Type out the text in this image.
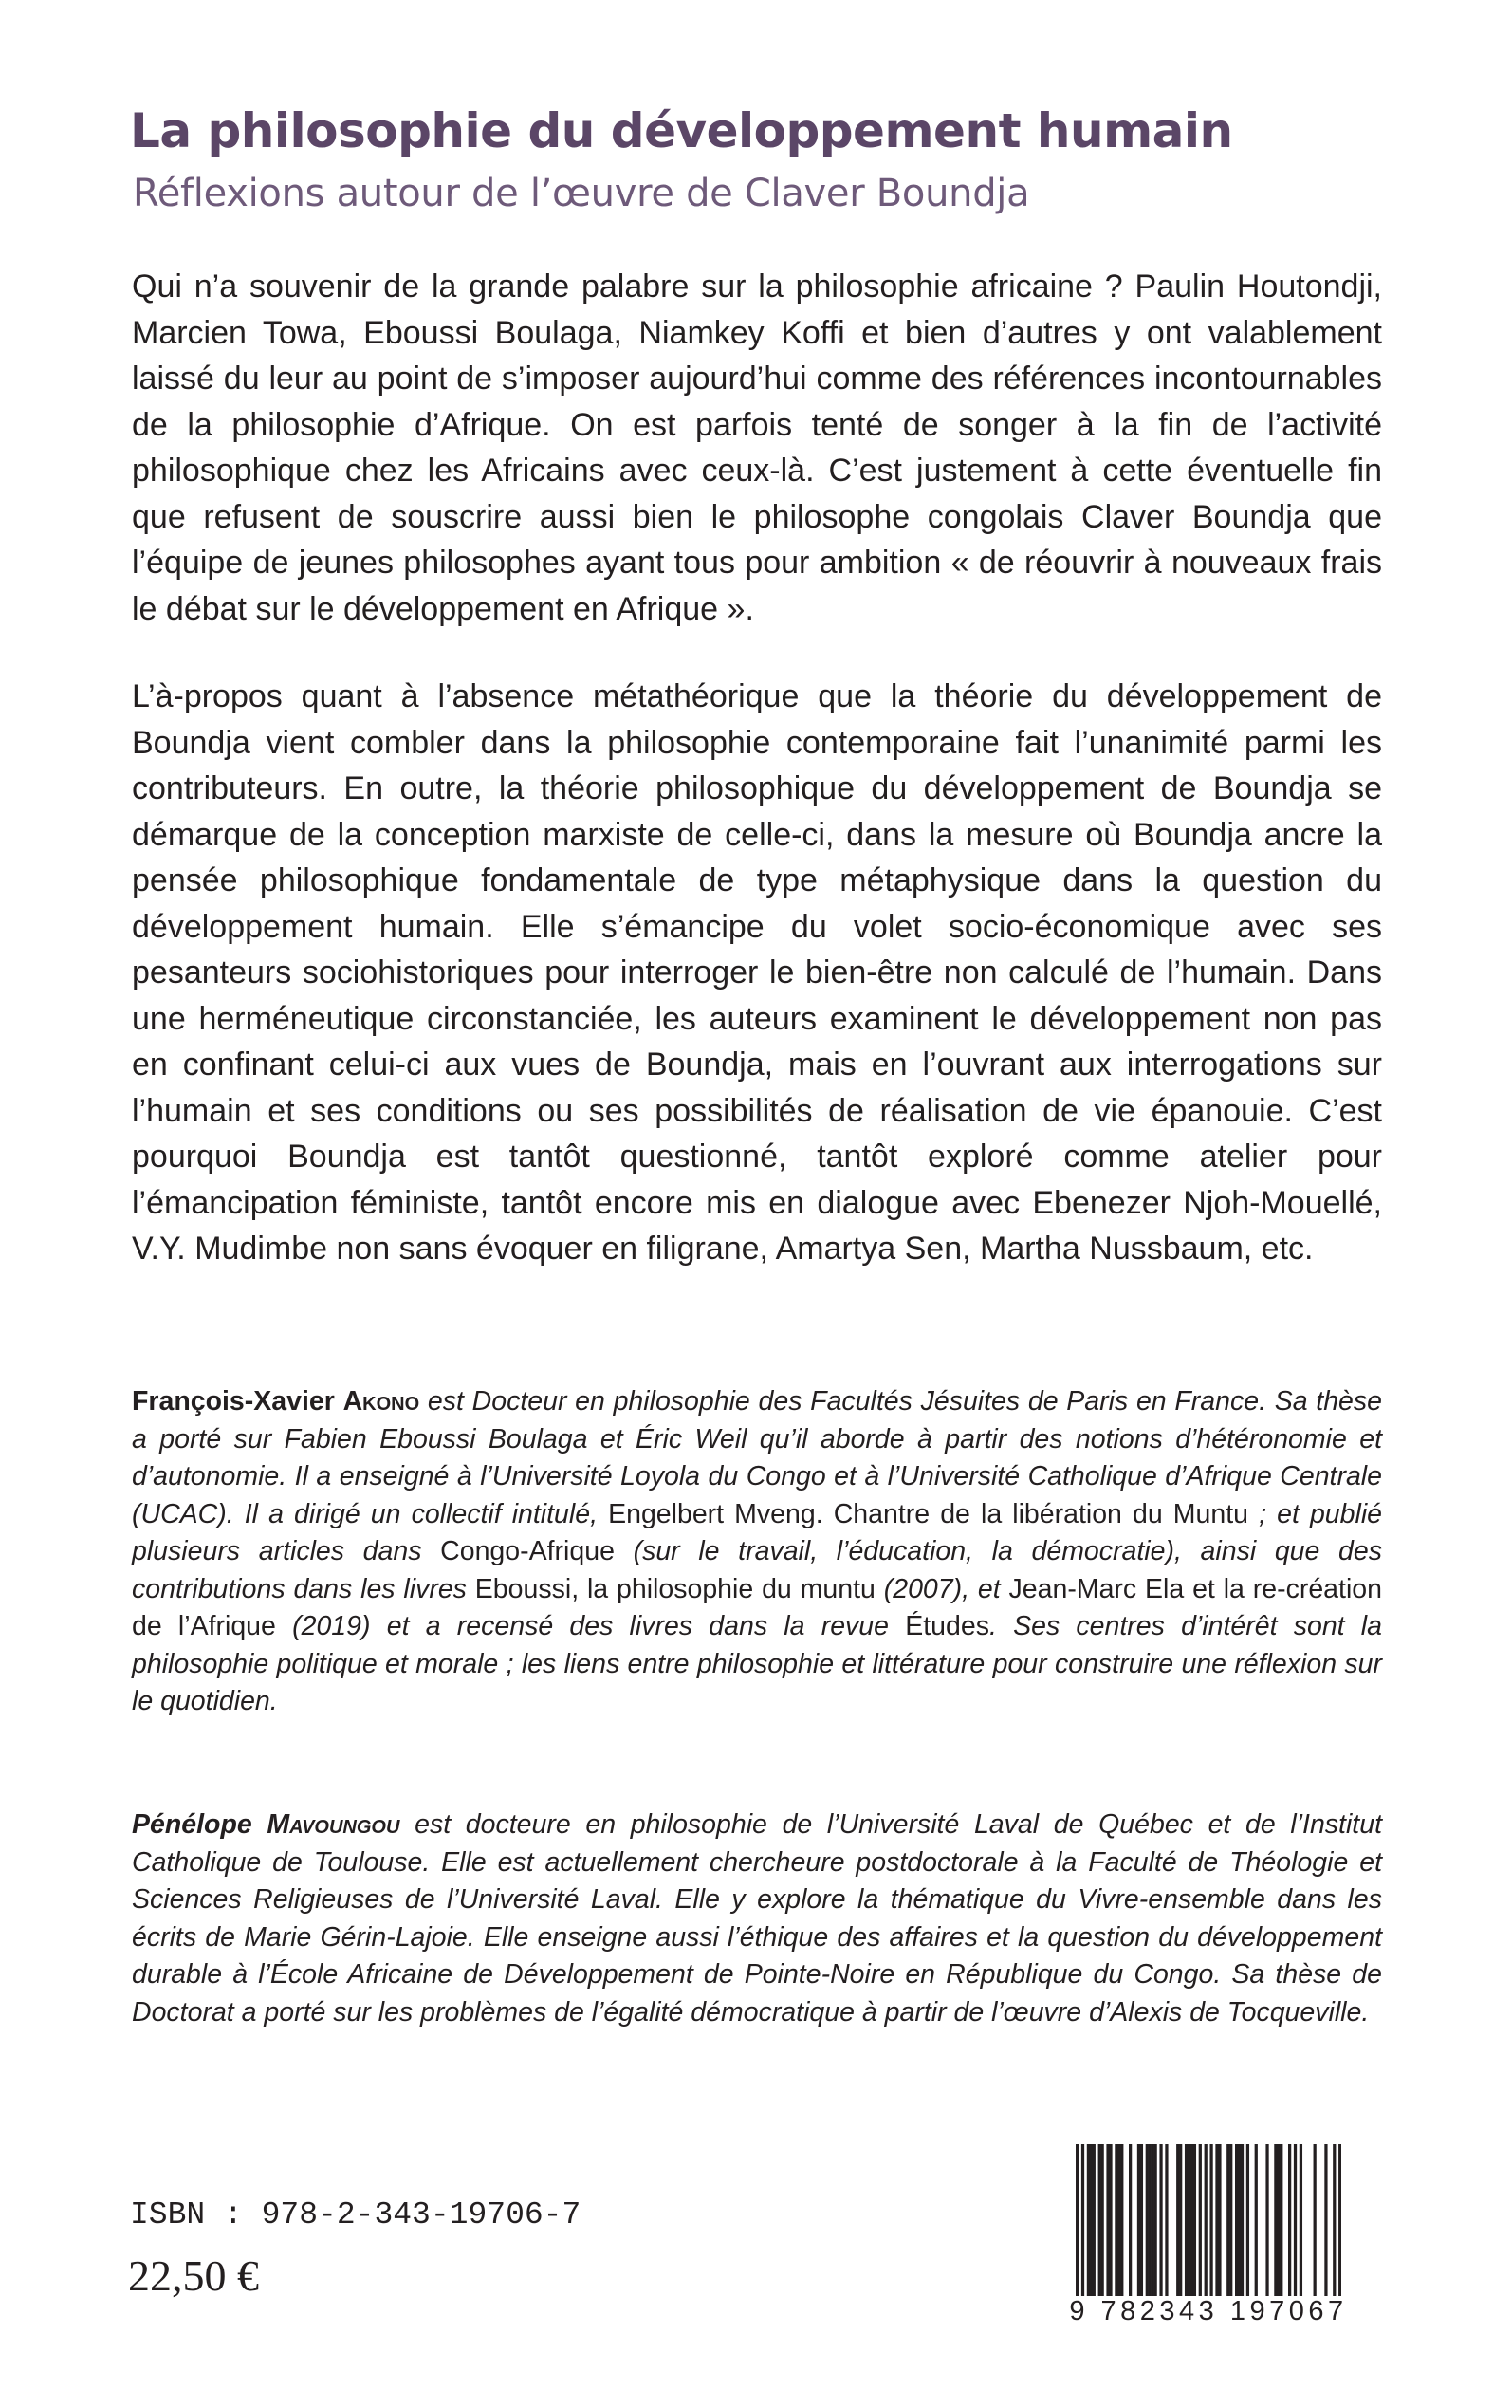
La philosophie du développement humain
Réflexions autour de l’œuvre de Claver Boundja

Qui n’a souvenir de la grande palabre sur la philosophie africaine ? Paulin Houtondji, Marcien Towa, Eboussi Boulaga, Niamkey Koffi et bien d’autres y ont valablement laissé du leur au point de s’imposer aujourd’hui comme des références incontournables de la philosophie d’Afrique. On est parfois tenté de songer à la fin de l’activité philosophique chez les Africains avec ceux-là. C’est justement à cette éventuelle fin que refusent de souscrire aussi bien le philosophe congolais Claver Boundja que l’équipe de jeunes philosophes ayant tous pour ambition « de réouvrir à nouveaux frais le débat sur le développement en Afrique ».

L’à-propos quant à l’absence métathéorique que la théorie du développement de Boundja vient combler dans la philosophie contemporaine fait l’unanimité parmi les contributeurs. En outre, la théorie philosophique du développement de Boundja se démarque de la conception marxiste de celle-ci, dans la mesure où Boundja ancre la pensée philosophique fondamentale de type métaphysique dans la question du développement humain. Elle s’émancipe du volet socio-économique avec ses pesanteurs sociohistoriques pour interroger le bien-être non calculé de l’humain. Dans une herméneutique circonstanciée, les auteurs examinent le développement non pas en confinant celui-ci aux vues de Boundja, mais en l’ouvrant aux interrogations sur l’humain et ses conditions ou ses possibilités de réalisation de vie épanouie. C’est pourquoi Boundja est tantôt questionné, tantôt exploré comme atelier pour l’émancipation féministe, tantôt encore mis en dialogue avec Ebenezer Njoh-Mouellé, V.Y. Mudimbe non sans évoquer en filigrane, Amartya Sen, Martha Nussbaum, etc.

François-Xavier Akono est Docteur en philosophie des Facultés Jésuites de Paris en France. Sa thèse a porté sur Fabien Eboussi Boulaga et Éric Weil qu’il aborde à partir des notions d’hétéronomie et d’autonomie. Il a enseigné à l’Université Loyola du Congo et à l’Université Catholique d’Afrique Centrale (UCAC). Il a dirigé un collectif intitulé, Engelbert Mveng. Chantre de la libération du Muntu ; et publié plusieurs articles dans Congo-Afrique (sur le travail, l’éducation, la démocratie), ainsi que des contributions dans les livres Eboussi, la philosophie du muntu (2007), et Jean-Marc Ela et la re-création de l’Afrique (2019) et a recensé des livres dans la revue Études. Ses centres d’intérêt sont la philosophie politique et morale ; les liens entre philosophie et littérature pour construire une réflexion sur le quotidien.

Pénélope Mavoungou est docteure en philosophie de l’Université Laval de Québec et de l’Institut Catholique de Toulouse. Elle est actuellement chercheure postdoctorale à la Faculté de Théologie et Sciences Religieuses de l’Université Laval. Elle y explore la thématique du Vivre-ensemble dans les écrits de Marie Gérin-Lajoie. Elle enseigne aussi l’éthique des affaires et la question du développement durable à l’École Africaine de Développement de Pointe-Noire en République du Congo. Sa thèse de Doctorat a porté sur les problèmes de l’égalité démocratique à partir de l’œuvre d’Alexis de Tocqueville.

ISBN : 978-2-343-19706-7
22,50 €
9 782343 197067
